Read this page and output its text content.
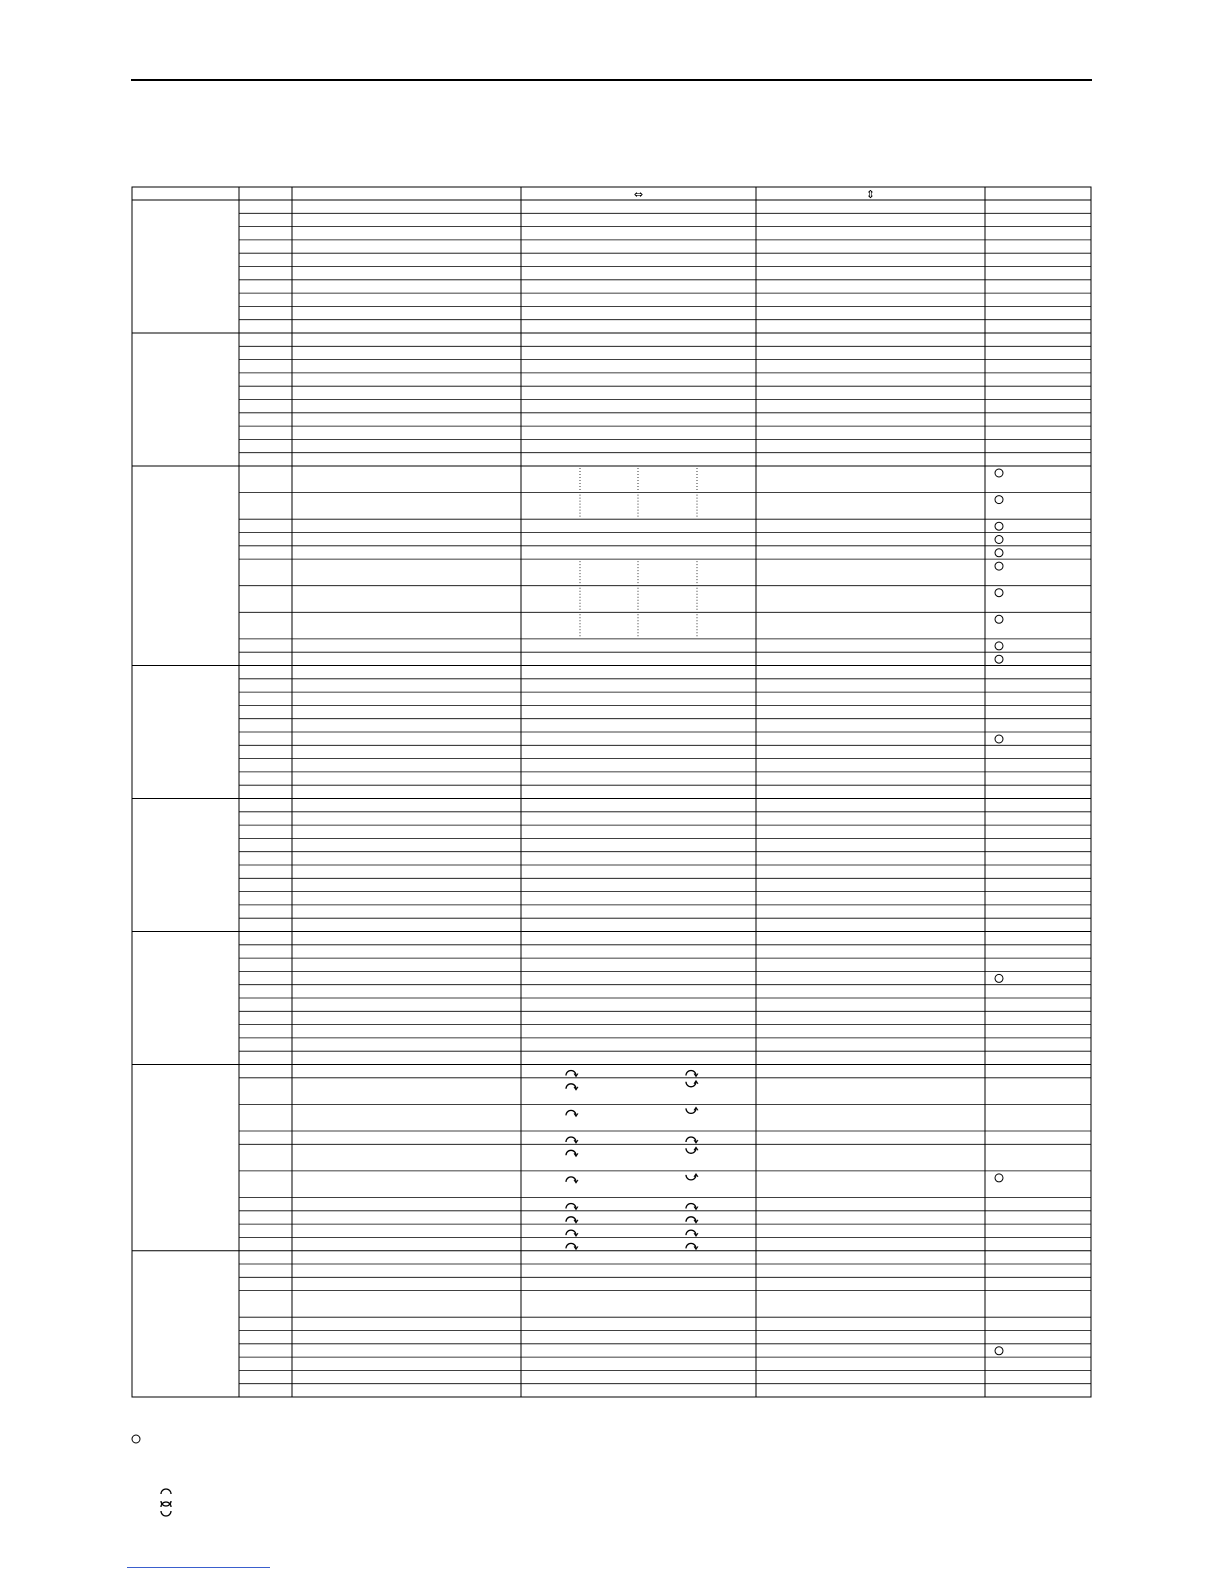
⇔	⇕
